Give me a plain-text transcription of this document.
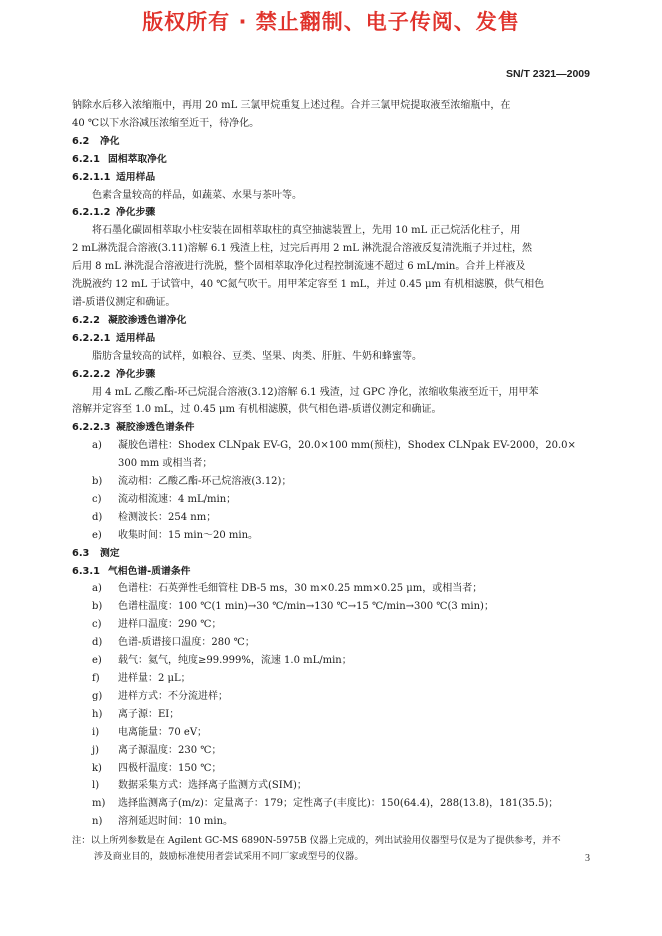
版权所有 · 禁止翻制、电子传阅、发售
SN/T 2321—2009
钠除水后移入浓缩瓶中，再用 20 mL 三氯甲烷重复上述过程。合并三氯甲烷提取液至浓缩瓶中，在
40 ℃以下水浴减压浓缩至近干，待净化。
6.2 净化
6.2.1 固相萃取净化
6.2.1.1 适用样品
色素含量较高的样品，如蔬菜、水果与茶叶等。
6.2.1.2 净化步骤
将石墨化碳固相萃取小柱安装在固相萃取柱的真空抽滤装置上，先用 10 mL 正己烷活化柱子，用
2 mL淋洗混合溶液(3.11)溶解 6.1 残渣上柱，过完后再用 2 mL 淋洗混合溶液反复清洗瓶子并过柱，然
后用 8 mL 淋洗混合溶液进行洗脱，整个固相萃取净化过程控制流速不超过 6 mL/min。合并上样液及
洗脱液约 12 mL 于试管中，40 ℃氮气吹干。用甲苯定容至 1 mL，并过 0.45 μm 有机相滤膜，供气相色
谱-质谱仪测定和确证。
6.2.2 凝胶渗透色谱净化
6.2.2.1 适用样品
脂肪含量较高的试样，如粮谷、豆类、坚果、肉类、肝脏、牛奶和蜂蜜等。
6.2.2.2 净化步骤
用 4 mL 乙酸乙酯-环己烷混合溶液(3.12)溶解 6.1 残渣，过 GPC 净化，浓缩收集液至近干，用甲苯
溶解并定容至 1.0 mL，过 0.45 μm 有机相滤膜，供气相色谱-质谱仪测定和确证。
6.2.2.3 凝胶渗透色谱条件
a)	凝胶色谱柱：Shodex CLNpak EV-G，20.0×100 mm(预柱)，Shodex CLNpak EV-2000，20.0×
300 mm 或相当者；
b)	流动相：乙酸乙酯-环己烷溶液(3.12)；
c)	流动相流速：4 mL/min；
d)	检测波长：254 nm；
e)	收集时间：15 min～20 min。
6.3 测定
6.3.1 气相色谱-质谱条件
a)	色谱柱：石英弹性毛细管柱 DB-5 ms，30 m×0.25 mm×0.25 μm，或相当者；
b)	色谱柱温度：100 ℃(1 min)→30 ℃/min→130 ℃→15 ℃/min→300 ℃(3 min)；
c)	进样口温度：290 ℃；
d)	色谱-质谱接口温度：280 ℃；
e)	载气：氦气，纯度≥99.999%，流速 1.0 mL/min；
f)	进样量：2 μL；
g)	进样方式：不分流进样；
h)	离子源：EI；
i)	电离能量：70 eV；
j)	离子源温度：230 ℃；
k)	四极杆温度：150 ℃；
l)	数据采集方式：选择离子监测方式(SIM)；
m)	选择监测离子(m/z)：定量离子：179；定性离子(丰度比)：150(64.4)，288(13.8)，181(35.5)；
n)	溶剂延迟时间：10 min。
注：以上所列参数是在 Agilent GC-MS 6890N-5975B 仪器上完成的，列出试验用仪器型号仅是为了提供参考，并不
涉及商业目的，鼓励标准使用者尝试采用不同厂家或型号的仪器。	3
